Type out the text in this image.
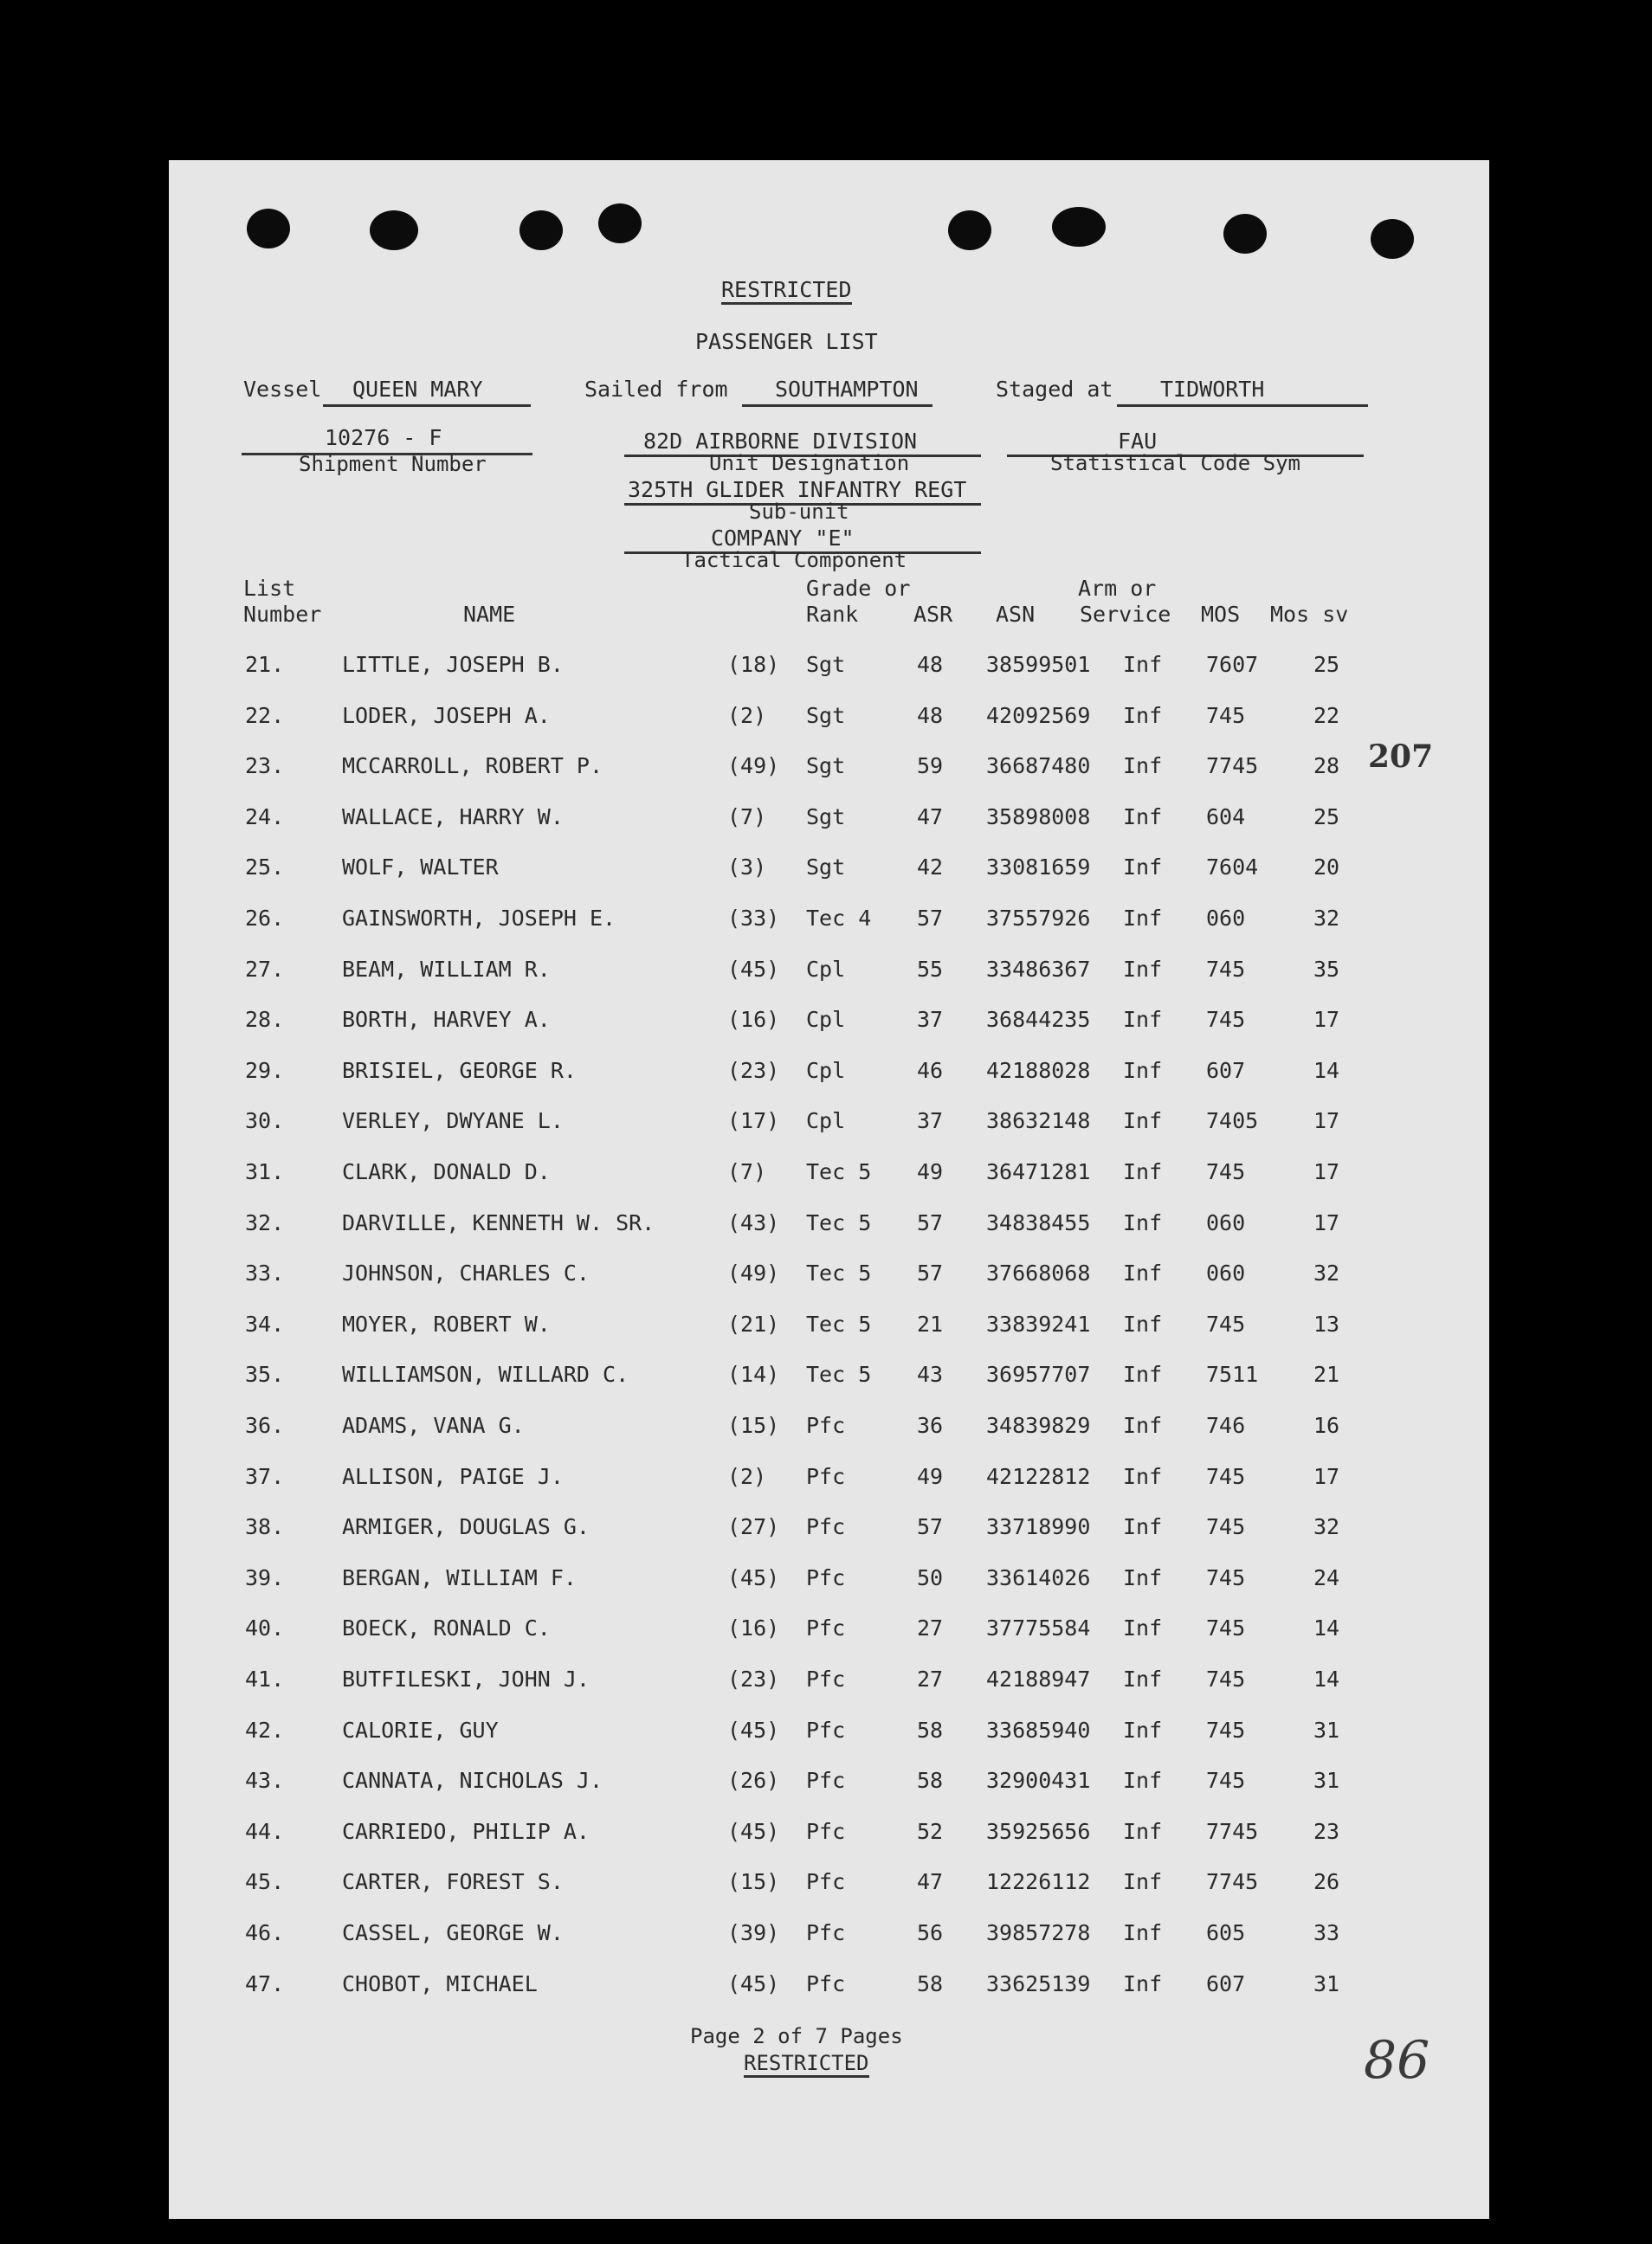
RESTRICTED
PASSENGER LIST
Vessel QUEEN MARY	Sailed from SOUTHAMPTON	Staged at TIDWORTH
10276 - F
Shipment Number
82D AIRBORNE DIVISION
Unit Designation
325TH GLIDER INFANTRY REGT
Sub-unit
COMPANY "E"
Tactical Component
FAU
Statistical Code Sym
List
Number	NAME
Grade or
Rank	ASR ASN
Arm or
Service MOS Mos sv
21.	LITTLE, JOSEPH B.	(18) Sgt	48 38599501 Inf 7607	25
22.	LODER, JOSEPH A.	(2) Sgt	48 42092569 Inf 745	22
23.	MCCARROLL, ROBERT P.	(49) Sgt	59 36687480 Inf 7745	28
24.	WALLACE, HARRY W.	(7) Sgt	47 35898008 Inf 604	25
25.	WOLF, WALTER	(3) Sgt	42 33081659 Inf 7604	20
26.	GAINSWORTH, JOSEPH E.	(33) Tec 4 57 37557926 Inf 060	32
27.	BEAM, WILLIAM R.	(45) Cpl	55 33486367 Inf 745	35
28.	BORTH, HARVEY A.	(16) Cpl	37 36844235 Inf 745	17
29.	BRISIEL, GEORGE R.	(23) Cpl	46 42188028 Inf 607	14
30.	VERLEY, DWYANE L.	(17) Cpl	37 38632148 Inf 7405	17
31.	CLARK, DONALD D.	(7) Tec 5 49 36471281 Inf 745	17
32.	DARVILLE, KENNETH W. SR.	(43) Tec 5 57 34838455 Inf 060	17
33.	JOHNSON, CHARLES C.	(49) Tec 5 57 37668068 Inf 060	32
34.	MOYER, ROBERT W.	(21) Tec 5 21 33839241 Inf 745	13
35.	WILLIAMSON, WILLARD C.	(14) Tec 5 43 36957707 Inf 7511	21
36.	ADAMS, VANA G.	(15) Pfc	36 34839829 Inf 746	16
37.	ALLISON, PAIGE J.	(2) Pfc	49 42122812 Inf 745	17
38.	ARMIGER, DOUGLAS G.	(27) Pfc	57 33718990 Inf 745	32
39.	BERGAN, WILLIAM F.	(45) Pfc	50 33614026 Inf 745	24
40.	BOECK, RONALD C.	(16) Pfc	27 37775584 Inf 745	14
41.	BUTFILESKI, JOHN J.	(23) Pfc	27 42188947 Inf 745	14
42.	CALORIE, GUY	(45) Pfc	58 33685940 Inf 745	31
43.	CANNATA, NICHOLAS J.	(26) Pfc	58 32900431 Inf 745	31
44.	CARRIEDO, PHILIP A.	(45) Pfc	52 35925656 Inf 7745	23
45.	CARTER, FOREST S.	(15) Pfc	47 12226112 Inf 7745	26
46.	CASSEL, GEORGE W.	(39) Pfc	56 39857278 Inf 605	33
47.	CHOBOT, MICHAEL	(45) Pfc	58 33625139 Inf 607	31
207
86
Page 2 of 7 Pages
RESTRICTED
